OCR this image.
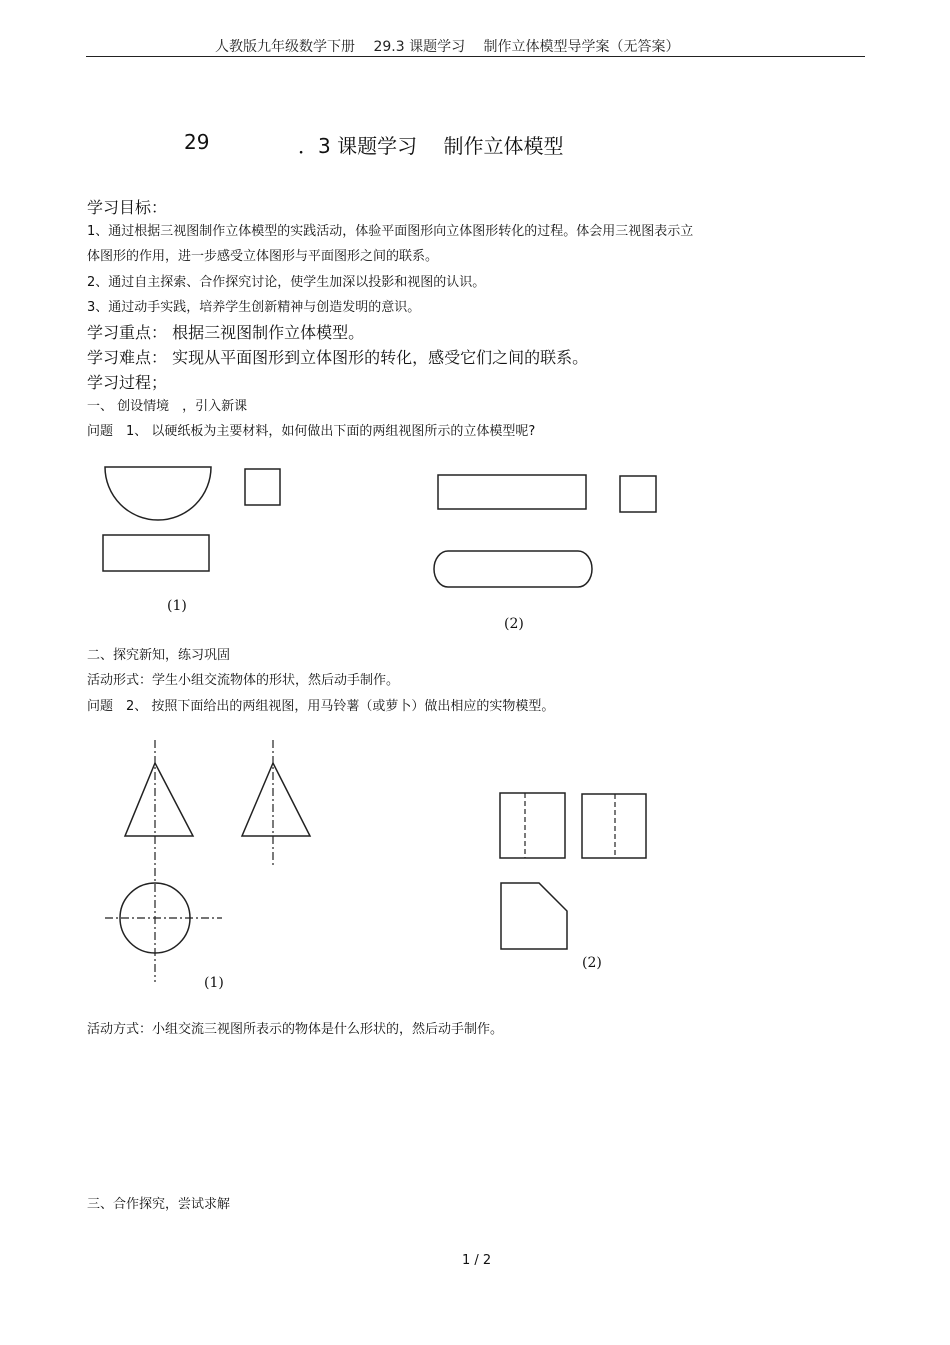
人教版九年级数学下册　 29.3 课题学习　 制作立体模型导学案（无答案）
29	．3 课题学习　 制作立体模型
学习目标：
1、通过根据三视图制作立体模型的实践活动，体验平面图形向立体图形转化的过程。体会用三视图表示立
体图形的作用，进一步感受立体图形与平面图形之间的联系。
2、通过自主探索、合作探究讨论，使学生加深以投影和视图的认识。
3、通过动手实践，培养学生创新精神与创造发明的意识。
学习重点： 根据三视图制作立体模型。
学习难点： 实现从平面图形到立体图形的转化，感受它们之间的联系。
学习过程；
一、 创设情境　，引入新课
问题　1、 以硬纸板为主要材料，如何做出下面的两组视图所示的立体模型呢?
(1)
(2)
二、探究新知，练习巩固
活动形式：学生小组交流物体的形状，然后动手制作。
问题　2、 按照下面给出的两组视图，用马铃薯（或萝卜）做出相应的实物模型。
(1)
(2)
活动方式：小组交流三视图所表示的物体是什么形状的，然后动手制作。
三、合作探究，尝试求解
1 / 2
